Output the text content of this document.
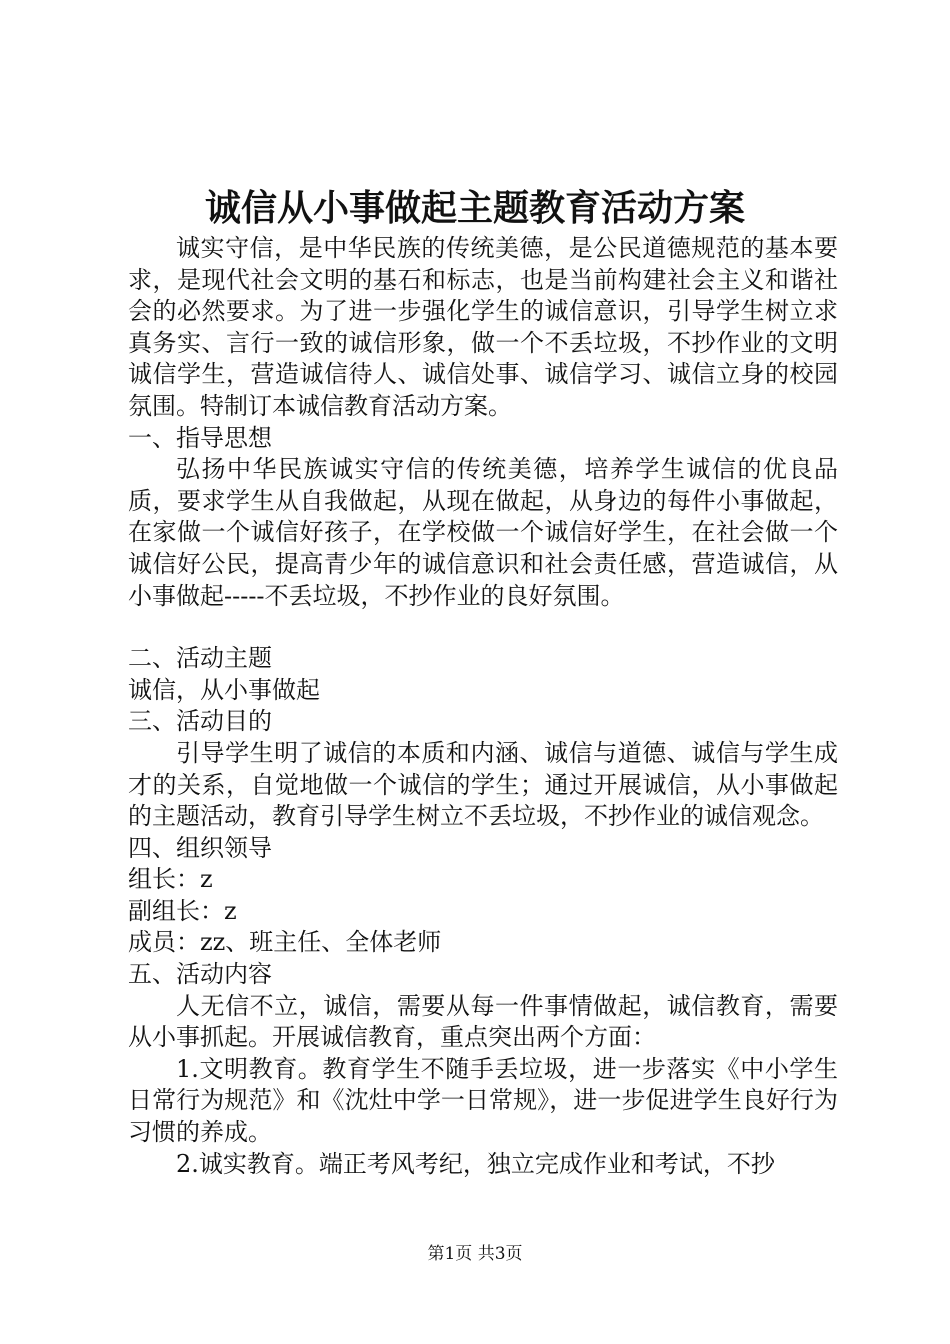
诚信从小事做起主题教育活动方案

诚实守信，是中华民族的传统美德，是公民道德规范的基本要求，是现代社会文明的基石和标志，也是当前构建社会主义和谐社会的必然要求。为了进一步强化学生的诚信意识，引导学生树立求真务实、言行一致的诚信形象，做一个不丢垃圾，不抄作业的文明诚信学生，营造诚信待人、诚信处事、诚信学习、诚信立身的校园氛围。特制订本诚信教育活动方案。

一、指导思想

弘扬中华民族诚实守信的传统美德，培养学生诚信的优良品质，要求学生从自我做起，从现在做起，从身边的每件小事做起，在家做一个诚信好孩子，在学校做一个诚信好学生，在社会做一个诚信好公民，提高青少年的诚信意识和社会责任感，营造诚信，从小事做起-----不丢垃圾，不抄作业的良好氛围。

二、活动主题

诚信，从小事做起

三、活动目的

引导学生明了诚信的本质和内涵、诚信与道德、诚信与学生成才的关系，自觉地做一个诚信的学生；通过开展诚信，从小事做起的主题活动，教育引导学生树立不丢垃圾，不抄作业的诚信观念。

四、组织领导

组长：z

副组长：z

成员：zz、班主任、全体老师

五、活动内容

人无信不立，诚信，需要从每一件事情做起，诚信教育，需要从小事抓起。开展诚信教育，重点突出两个方面：

1.文明教育。教育学生不随手丢垃圾，进一步落实《中小学生日常行为规范》和《沈灶中学一日常规》，进一步促进学生良好行为习惯的养成。

2.诚实教育。端正考风考纪，独立完成作业和考试，不抄

第1页 共3页
